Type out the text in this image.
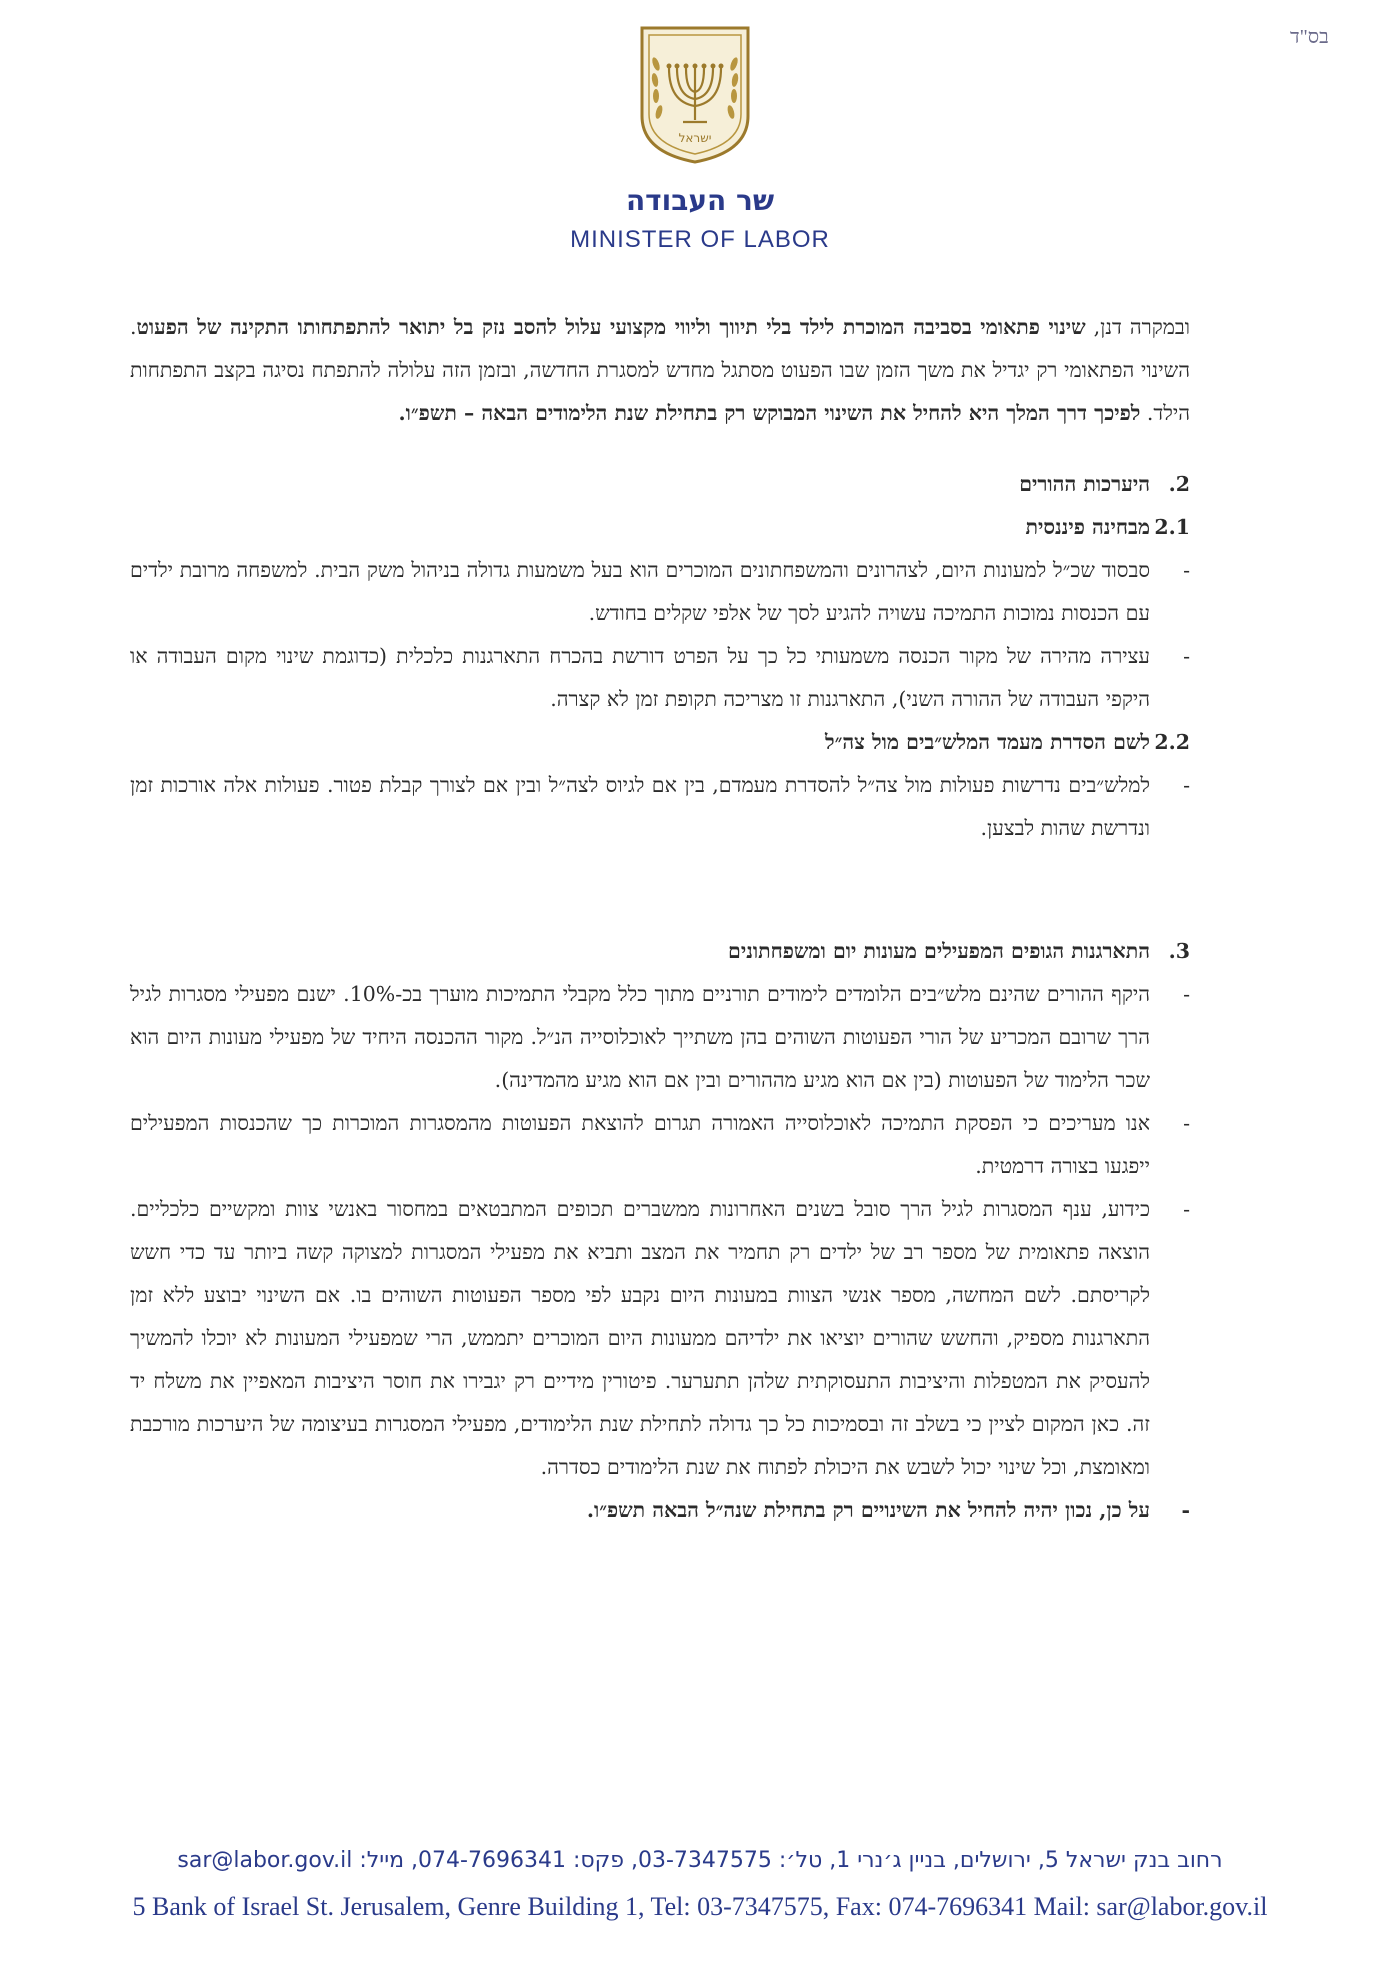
בס"ד
ישראל
שר העבודה
MINISTER OF LABOR

ובמקרה דנן, שינוי פתאומי בסביבה המוכרת לילד בלי תיווך וליווי מקצועי עלול להסב נזק בל יתואר להתפתחותו התקינה של הפעוט. השינוי הפתאומי רק יגדיל את משך הזמן שבו הפעוט מסתגל מחדש למסגרת החדשה, ובזמן הזה עלולה להתפתח נסיגה בקצב התפתחות הילד. לפיכך דרך המלך היא להחיל את השינוי המבוקש רק בתחילת שנת הלימודים הבאה – תשפ״ו.

2.היערכות ההורים

2.1מבחינה פיננסית

- סבסוד שכ״ל למעונות היום, לצהרונים והמשפחתונים המוכרים הוא בעל משמעות גדולה בניהול משק הבית. למשפחה מרובת ילדים עם הכנסות נמוכות התמיכה עשויה להגיע לסך של אלפי שקלים בחודש.
- עצירה מהירה של מקור הכנסה משמעותי כל כך על הפרט דורשת בהכרח התארגנות כלכלית (כדוגמת שינוי מקום העבודה או היקפי העבודה של ההורה השני), התארגנות זו מצריכה תקופת זמן לא קצרה.

2.2לשם הסדרת מעמד המלש״בים מול צה״ל

- למלש״בים נדרשות פעולות מול צה״ל להסדרת מעמדם, בין אם לגיוס לצה״ל ובין אם לצורך קבלת פטור. פעולות אלה אורכות זמן ונדרשת שהות לבצען.

3.התארגנות הגופים המפעילים מעונות יום ומשפחתונים

- היקף ההורים שהינם מלש״בים הלומדים לימודים תורניים מתוך כלל מקבלי התמיכות מוערך בכ-10%. ישנם מפעילי מסגרות לגיל הרך שרובם המכריע של הורי הפעוטות השוהים בהן משתייך לאוכלוסייה הנ״ל. מקור ההכנסה היחיד של מפעילי מעונות היום הוא שכר הלימוד של הפעוטות (בין אם הוא מגיע מההורים ובין אם הוא מגיע מהמדינה).
- אנו מעריכים כי הפסקת התמיכה לאוכלוסייה האמורה תגרום להוצאת הפעוטות מהמסגרות המוכרות כך שהכנסות המפעילים ייפגעו בצורה דרמטית.
- כידוע, ענף המסגרות לגיל הרך סובל בשנים האחרונות ממשברים תכופים המתבטאים במחסור באנשי צוות ומקשיים כלכליים. הוצאה פתאומית של מספר רב של ילדים רק תחמיר את המצב ותביא את מפעילי המסגרות למצוקה קשה ביותר עד כדי חשש לקריסתם. לשם המחשה, מספר אנשי הצוות במעונות היום נקבע לפי מספר הפעוטות השוהים בו. אם השינוי יבוצע ללא זמן התארגנות מספיק, והחשש שהורים יוציאו את ילדיהם ממעונות היום המוכרים יתממש, הרי שמפעילי המעונות לא יוכלו להמשיך להעסיק את המטפלות והיציבות התעסוקתית שלהן תתערער. פיטורין מידיים רק יגבירו את חוסר היציבות המאפיין את משלח יד זה. כאן המקום לציין כי בשלב זה ובסמיכות כל כך גדולה לתחילת שנת הלימודים, מפעילי המסגרות בעיצומה של היערכות מורכבת ומאומצת, וכל שינוי יכול לשבש את היכולת לפתוח את שנת הלימודים כסדרה.
- על כן, נכון יהיה להחיל את השינויים רק בתחילת שנה״ל הבאה תשפ״ו.
רחוב בנק ישראל 5, ירושלים, בניין ג׳נרי 1, טל׳: 03-7347575, פקס: 074-7696341, מייל: sar@labor.gov.il
5 Bank of Israel St. Jerusalem, Genre Building 1, Tel: 03-7347575, Fax: 074-7696341 Mail: sar@labor.gov.il
